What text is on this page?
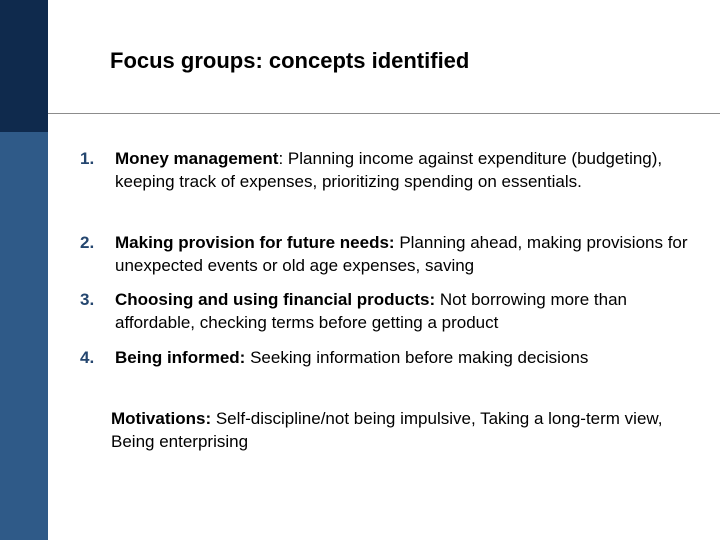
Focus groups: concepts identified
1.	Money management: Planning income against expenditure (budgeting), keeping track of expenses, prioritizing spending on essentials.
2.	Making provision for future needs: Planning ahead, making provisions for unexpected events or old age expenses, saving
3.	Choosing and using financial products: Not borrowing more than affordable, checking terms before getting a product
4.	Being informed: Seeking information before making decisions
Motivations: Self-discipline/not being impulsive, Taking a long-term view, Being enterprising
